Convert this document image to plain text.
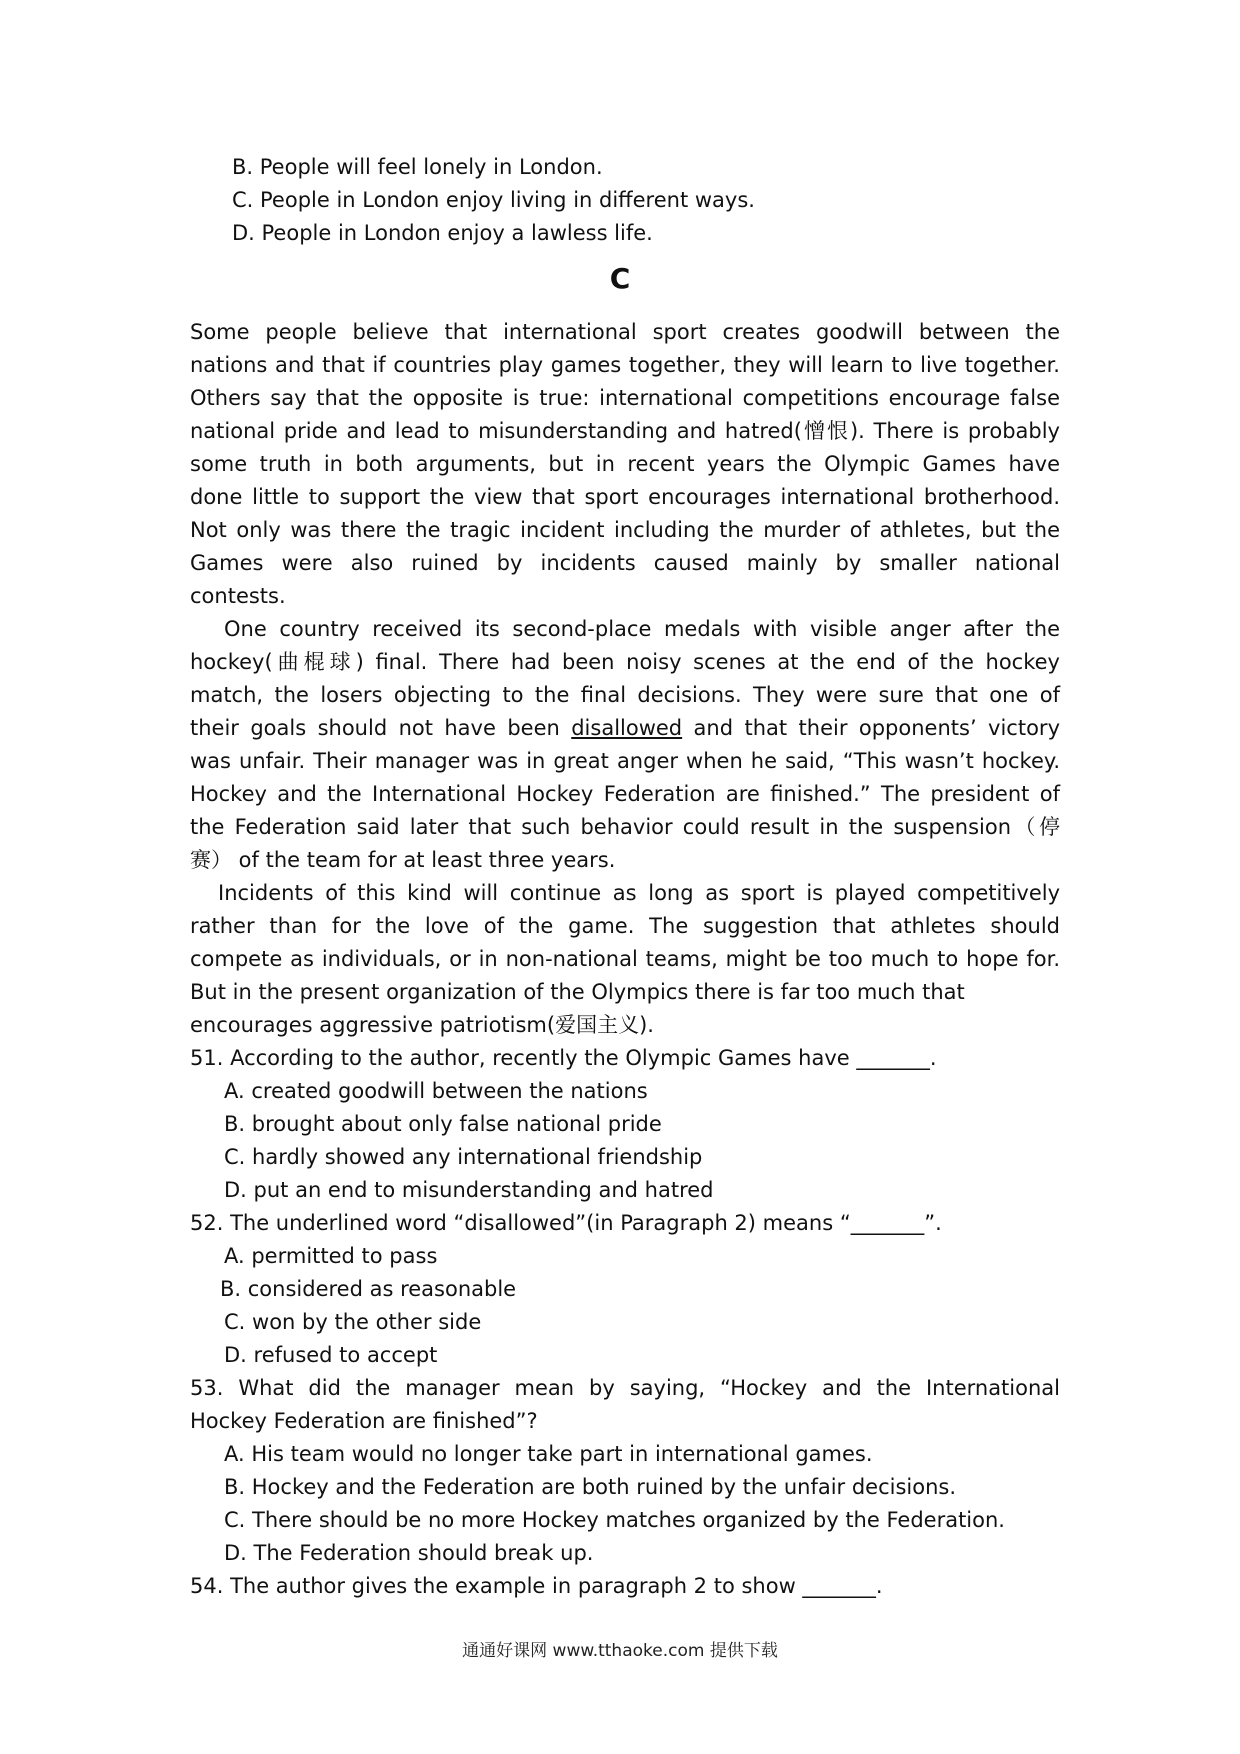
B. People will feel lonely in London.
C. People in London enjoy living in different ways.
D. People in London enjoy a lawless life.
C
Some people believe that international sport creates goodwill between the
nations and that if countries play games together, they will learn to live together.
Others say that the opposite is true: international competitions encourage false
national pride and lead to misunderstanding and hatred(憎恨). There is probably
some truth in both arguments, but in recent years the Olympic Games have
done little to support the view that sport encourages international brotherhood.
Not only was there the tragic incident including the murder of athletes, but the
Games were also ruined by incidents caused mainly by smaller national
contests.
One country received its second-place medals with visible anger after the
hockey(曲棍球) final. There had been noisy scenes at the end of the hockey
match, the losers objecting to the final decisions. They were sure that one of
their goals should not have been disallowed and that their opponents’ victory
was unfair. Their manager was in great anger when he said, “This wasn’t hockey.
Hockey and the International Hockey Federation are finished.” The president of
the Federation said later that such behavior could result in the suspension（停
赛） of the team for at least three years.
Incidents of this kind will continue as long as sport is played competitively
rather than for the love of the game. The suggestion that athletes should
compete as individuals, or in non-national teams, might be too much to hope for.
But in the present organization of the Olympics there is far too much that
encourages aggressive patriotism(爱国主义).
51. According to the author, recently the Olympic Games have _______.
A. created goodwill between the nations
B. brought about only false national pride
C. hardly showed any international friendship
D. put an end to misunderstanding and hatred
52. The underlined word “disallowed”(in Paragraph 2) means “_______”.
A. permitted to pass
B. considered as reasonable
C. won by the other side
D. refused to accept
53. What did the manager mean by saying, “Hockey and the International
Hockey Federation are finished”?
A. His team would no longer take part in international games.
B. Hockey and the Federation are both ruined by the unfair decisions.
C. There should be no more Hockey matches organized by the Federation.
D. The Federation should break up.
54. The author gives the example in paragraph 2 to show _______.
通通好课网 www.tthaoke.com 提供下载
